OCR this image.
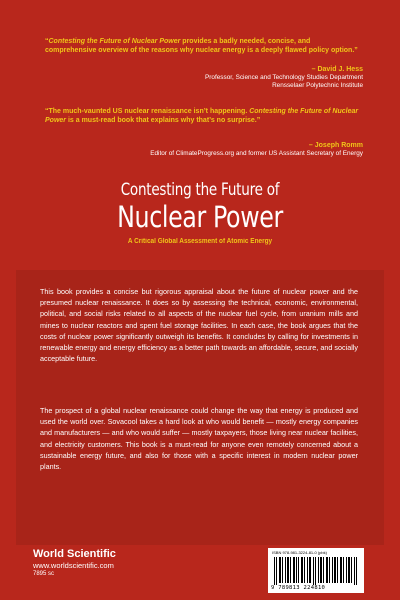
“Contesting the Future of Nuclear Power provides a badly needed, concise, and comprehensive overview of the reasons why nuclear energy is a deeply flawed policy option.”
– David J. Hess
Professor, Science and Technology Studies Department
Rensselaer Polytechnic Institute
“The much-vaunted US nuclear renaissance isn’t happening. Contesting the Future of Nuclear Power is a must-read book that explains why that’s no surprise.”
– Joseph Romm
Editor of ClimateProgress.org and former US Assistant Secretary of Energy
Contesting the Future of
Nuclear Power
A Critical Global Assessment of Atomic Energy

This book provides a concise but rigorous appraisal about the future of nuclear power and the presumed nuclear renaissance. It does so by assessing the technical, economic, environmental, political, and social risks related to all aspects of the nuclear fuel cycle, from uranium mills and mines to nuclear reactors and spent fuel storage facilities. In each case, the book argues that the costs of nuclear power significantly outweigh its benefits. It concludes by calling for investments in renewable energy and energy efficiency as a better path towards an affordable, secure, and socially acceptable future.

The prospect of a global nuclear renaissance could change the way that energy is produced and used the world over. Sovacool takes a hard look at who would benefit — mostly energy companies and manufacturers — and who would suffer — mostly taxpayers, those living near nuclear facilities, and electricity customers. This book is a must-read for anyone even remotely concerned about a sustainable energy future, and also for those with a specific interest in modern nuclear power plants.

World Scientific
www.worldscientific.com
7895 sc
ISBN 978-981-3224-81-0 (pbk)
9 789813 224810
